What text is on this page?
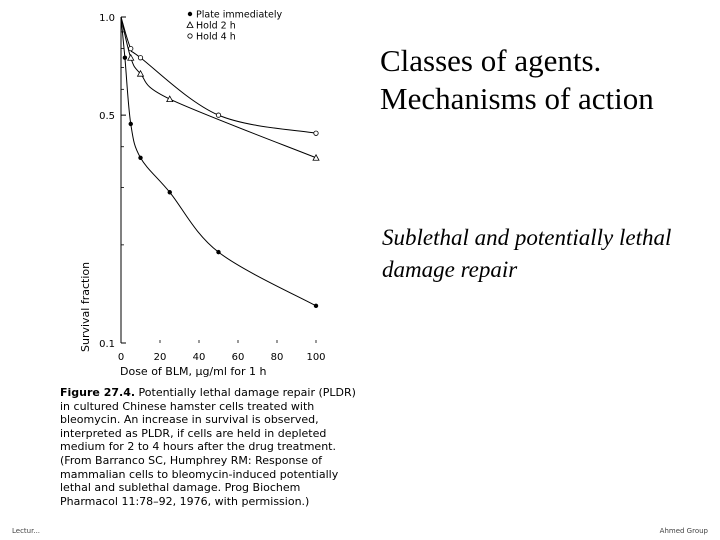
1.0
0.5
0.1
0	20	40	60	80 100
Plate immediately
Hold 2 h
Hold 4 h
Dose of BLM, μg/ml for 1 h
Survival fraction
Classes of agents.
Mechanisms of action
Sublethal and potentially lethal damage repair
Figure 27.4. Potentially lethal damage repair (PLDR) in cultured Chinese hamster cells treated with bleomycin. An increase in survival is observed, interpreted as PLDR, if cells are held in depleted medium for 2 to 4 hours after the drug treatment. (From Barranco SC, Humphrey RM: Response of mammalian cells to bleomycin-induced potentially lethal and sublethal damage. Prog Biochem Pharmacol 11:78–92, 1976, with permission.)
Lectur...	Ahmed Group
